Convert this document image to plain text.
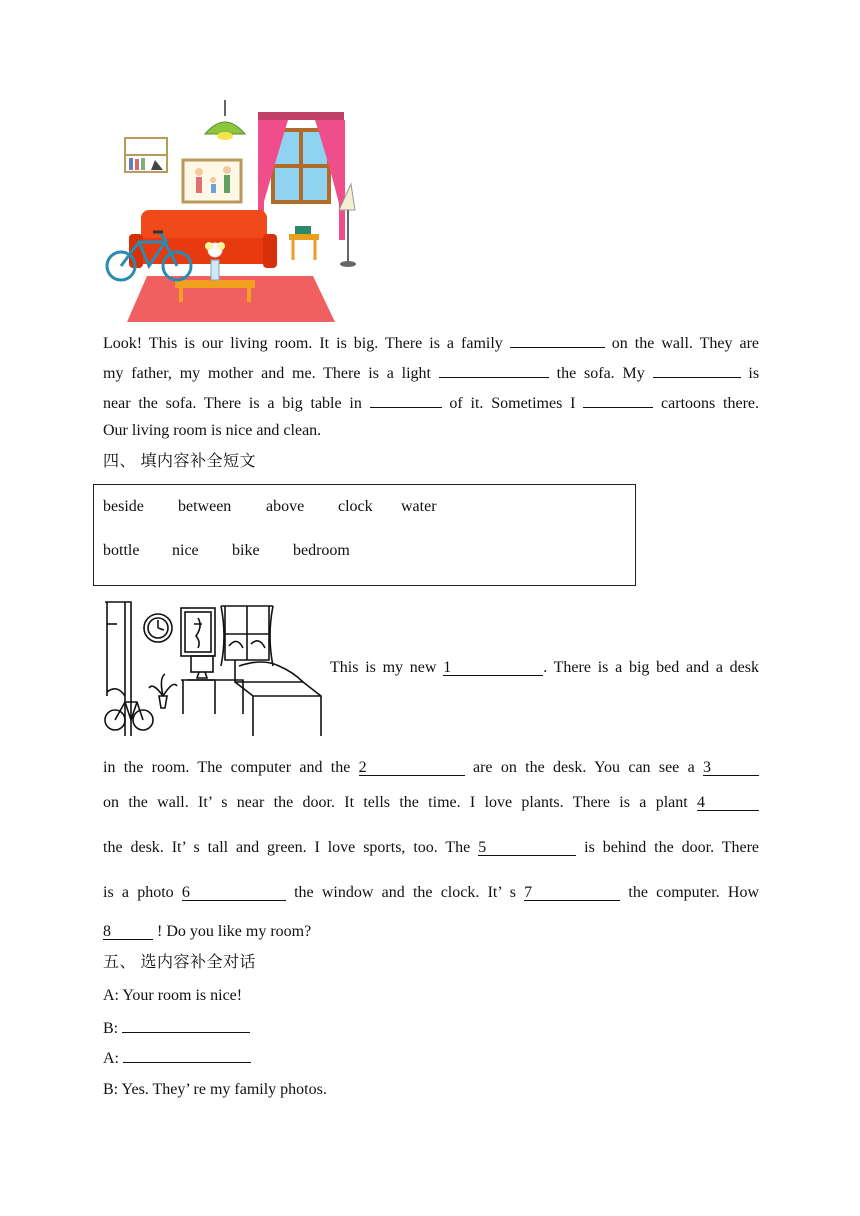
Look! This is our living room. It is big. There is a family	on the wall. They are
my father, my mother and me. There is a light	the sofa. My	is
near the sofa. There is a big table in	of it. Sometimes I	cartoons there.
Our living room is nice and clean.
四、 填内容补全短文
beside between above clock water
bottle nice bike bedroom
This is my new 1	. There is a big bed and a desk
in the room. The computer and the 2	are on the desk. You can see a 3
on the wall. It’ s near the door. It tells the time. I love plants. There is a plant 4
the desk. It’ s tall and green. I love sports, too. The 5	is behind the door. There
is a photo 6	the window and the clock. It’ s 7	the computer. How
8	! Do you like my room?
五、 选内容补全对话
A: Your room is nice!
B:
A:
B: Yes. They’ re my family photos.
